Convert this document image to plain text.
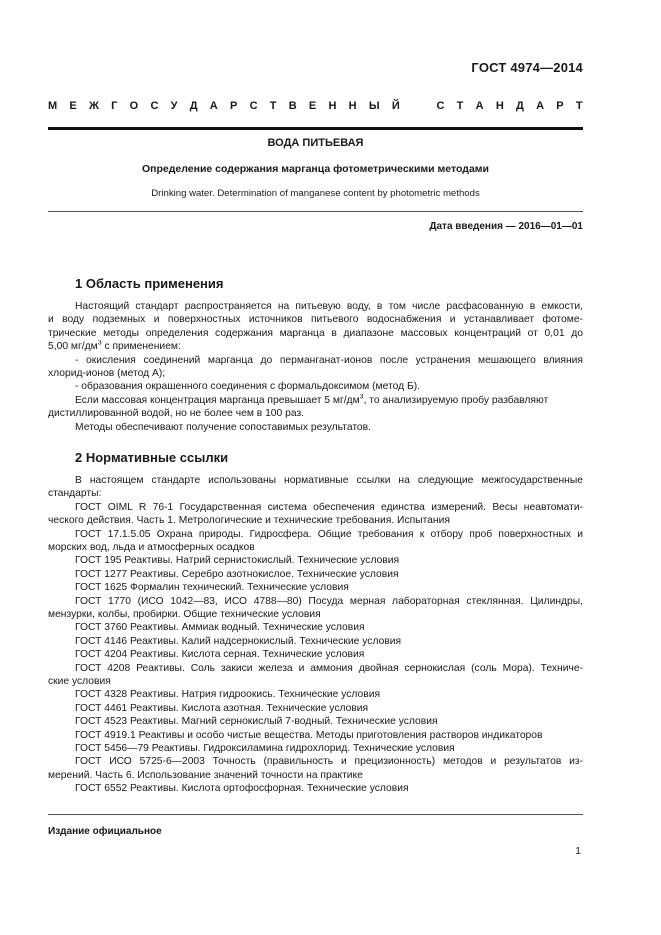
ГОСТ 4974—2014
М Е Ж Г О С У Д А Р С Т В Е Н Н Ы Й	С Т А Н Д А Р Т
ВОДА ПИТЬЕВАЯ
Определение содержания марганца фотометрическими методами
Drinking water. Determination of manganese content by photometric methods
Дата введения — 2016—01—01
1 Область применения
Настоящий стандарт распространяется на питьевую воду, в том числе расфасованную в емкости,
и воду подземных и поверхностных источников питьевого водоснабжения и устанавливает фотоме-
трические методы определения содержания марганца в диапазоне массовых концентраций от 0,01 до
5,00 $мг/дм^3$ с применением:
- окисления соединений марганца до перманганат-ионов после устранения мешающего влияния
хлорид-ионов (метод А);
- образования окрашенного соединения с формальдоксимом (метод Б).
Если массовая концентрация марганца превышает 5 $мг/дм^3$, то анализируемую пробу разбавляют
дистиллированной водой, но не более чем в 100 раз.
Методы обеспечивают получение сопоставимых результатов.
2 Нормативные ссылки
В настоящем стандарте использованы нормативные ссылки на следующие межгосударственные
стандарты:
ГОСТ OIML R 76-1 Государственная система обеспечения единства измерений. Весы неавтомати-
ческого действия. Часть 1. Метрологические и технические требования. Испытания
ГОСТ 17.1.5.05 Охрана природы. Гидросфера. Общие требования к отбору проб поверхностных и
морских вод, льда и атмосферных осадков
ГОСТ 195 Реактивы. Натрий сернистокислый. Технические условия
ГОСТ 1277 Реактивы. Серебро азотнокислое. Технические условия
ГОСТ 1625 Формалин технический. Технические условия
ГОСТ 1770 (ИСО 1042—83, ИСО 4788—80) Посуда мерная лабораторная стеклянная. Цилиндры,
мензурки, колбы, пробирки. Общие технические условия
ГОСТ 3760 Реактивы. Аммиак водный. Технические условия
ГОСТ 4146 Реактивы. Калий надсернокислый. Технические условия
ГОСТ 4204 Реактивы. Кислота серная. Технические условия
ГОСТ 4208 Реактивы. Соль закиси железа и аммония двойная сернокислая (соль Мора). Техниче-
ские условия
ГОСТ 4328 Реактивы. Натрия гидроокись. Технические условия
ГОСТ 4461 Реактивы. Кислота азотная. Технические условия
ГОСТ 4523 Реактивы. Магний сернокислый 7-водный. Технические условия
ГОСТ 4919.1 Реактивы и особо чистые вещества. Методы приготовления растворов индикаторов
ГОСТ 5456—79 Реактивы. Гидроксиламина гидрохлорид. Технические условия
ГОСТ ИСО 5725-6—2003 Точность (правильность и прецизионность) методов и результатов из-
мерений. Часть 6. Использование значений точности на практике
ГОСТ 6552 Реактивы. Кислота ортофосфорная. Технические условия
Издание официальное
1
